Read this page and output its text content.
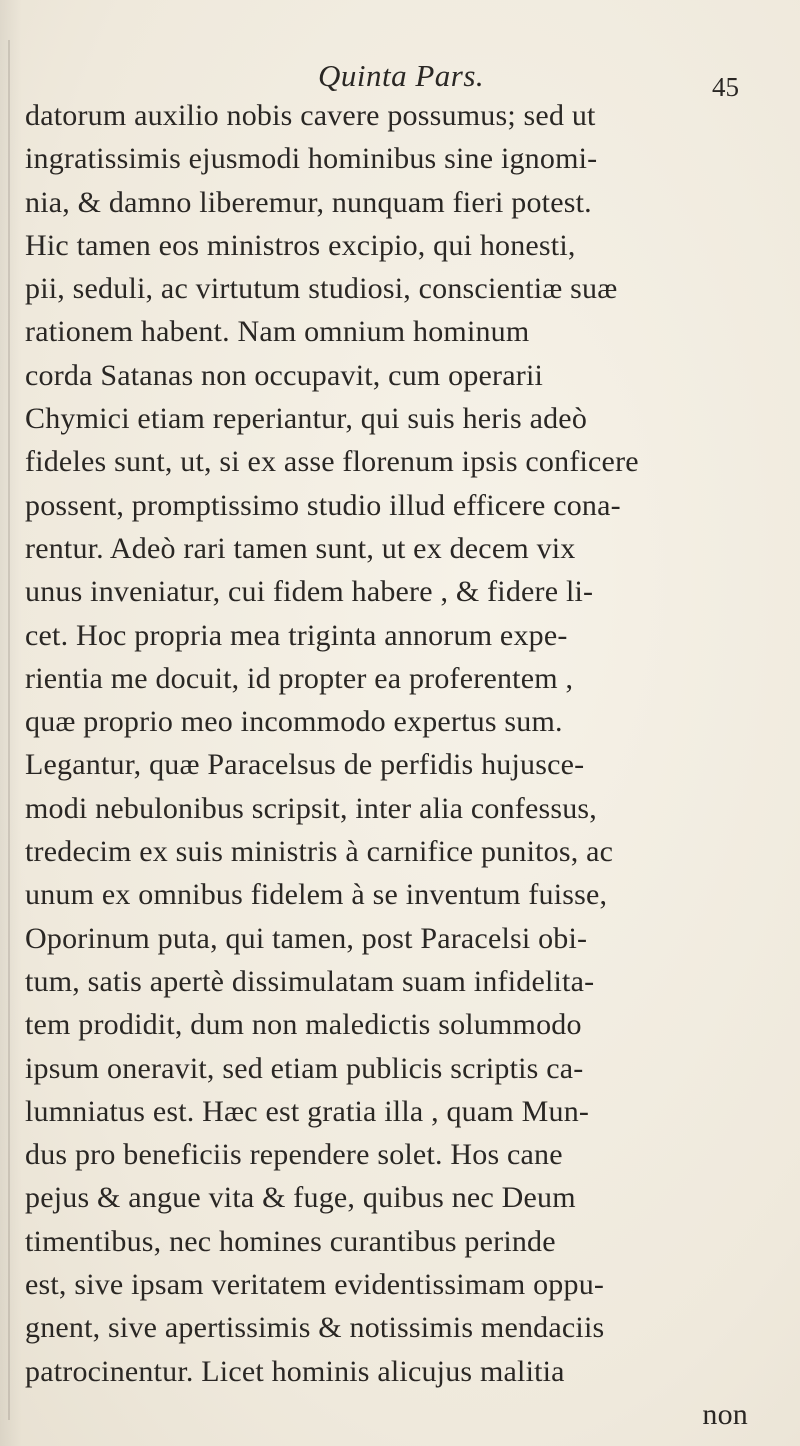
Quinta Pars.	45
datorum auxilio nobis cavere possumus; sed ut
ingratissimis ejusmodi hominibus sine ignomi-
nia, & damno liberemur, nunquam fieri potest.
Hic tamen eos ministros excipio, qui honesti,
pii, seduli, ac virtutum studiosi, conscientiæ suæ
rationem habent. Nam omnium hominum
corda Satanas non occupavit, cum operarii
Chymici etiam reperiantur, qui suis heris adeò
fideles sunt, ut, si ex asse florenum ipsis conficere
possent, promptissimo studio illud efficere cona-
rentur. Adeò rari tamen sunt, ut ex decem vix
unus inveniatur, cui fidem habere , & fidere li-
cet. Hoc propria mea triginta annorum expe-
rientia me docuit, id propter ea proferentem ,
quæ proprio meo incommodo expertus sum.
Legantur, quæ Paracelsus de perfidis hujusce-
modi nebulonibus scripsit, inter alia confessus,
tredecim ex suis ministris à carnifice punitos, ac
unum ex omnibus fidelem à se inventum fuisse,
Oporinum puta, qui tamen, post Paracelsi obi-
tum, satis apertè dissimulatam suam infidelita-
tem prodidit, dum non maledictis solummodo
ipsum oneravit, sed etiam publicis scriptis ca-
lumniatus est. Hæc est gratia illa , quam Mun-
dus pro beneficiis rependere solet. Hos cane
pejus & angue vita & fuge, quibus nec Deum
timentibus, nec homines curantibus perinde
est, sive ipsam veritatem evidentissimam oppu-
gnent, sive apertissimis & notissimis mendaciis
patrocinentur. Licet hominis alicujus malitia
non
